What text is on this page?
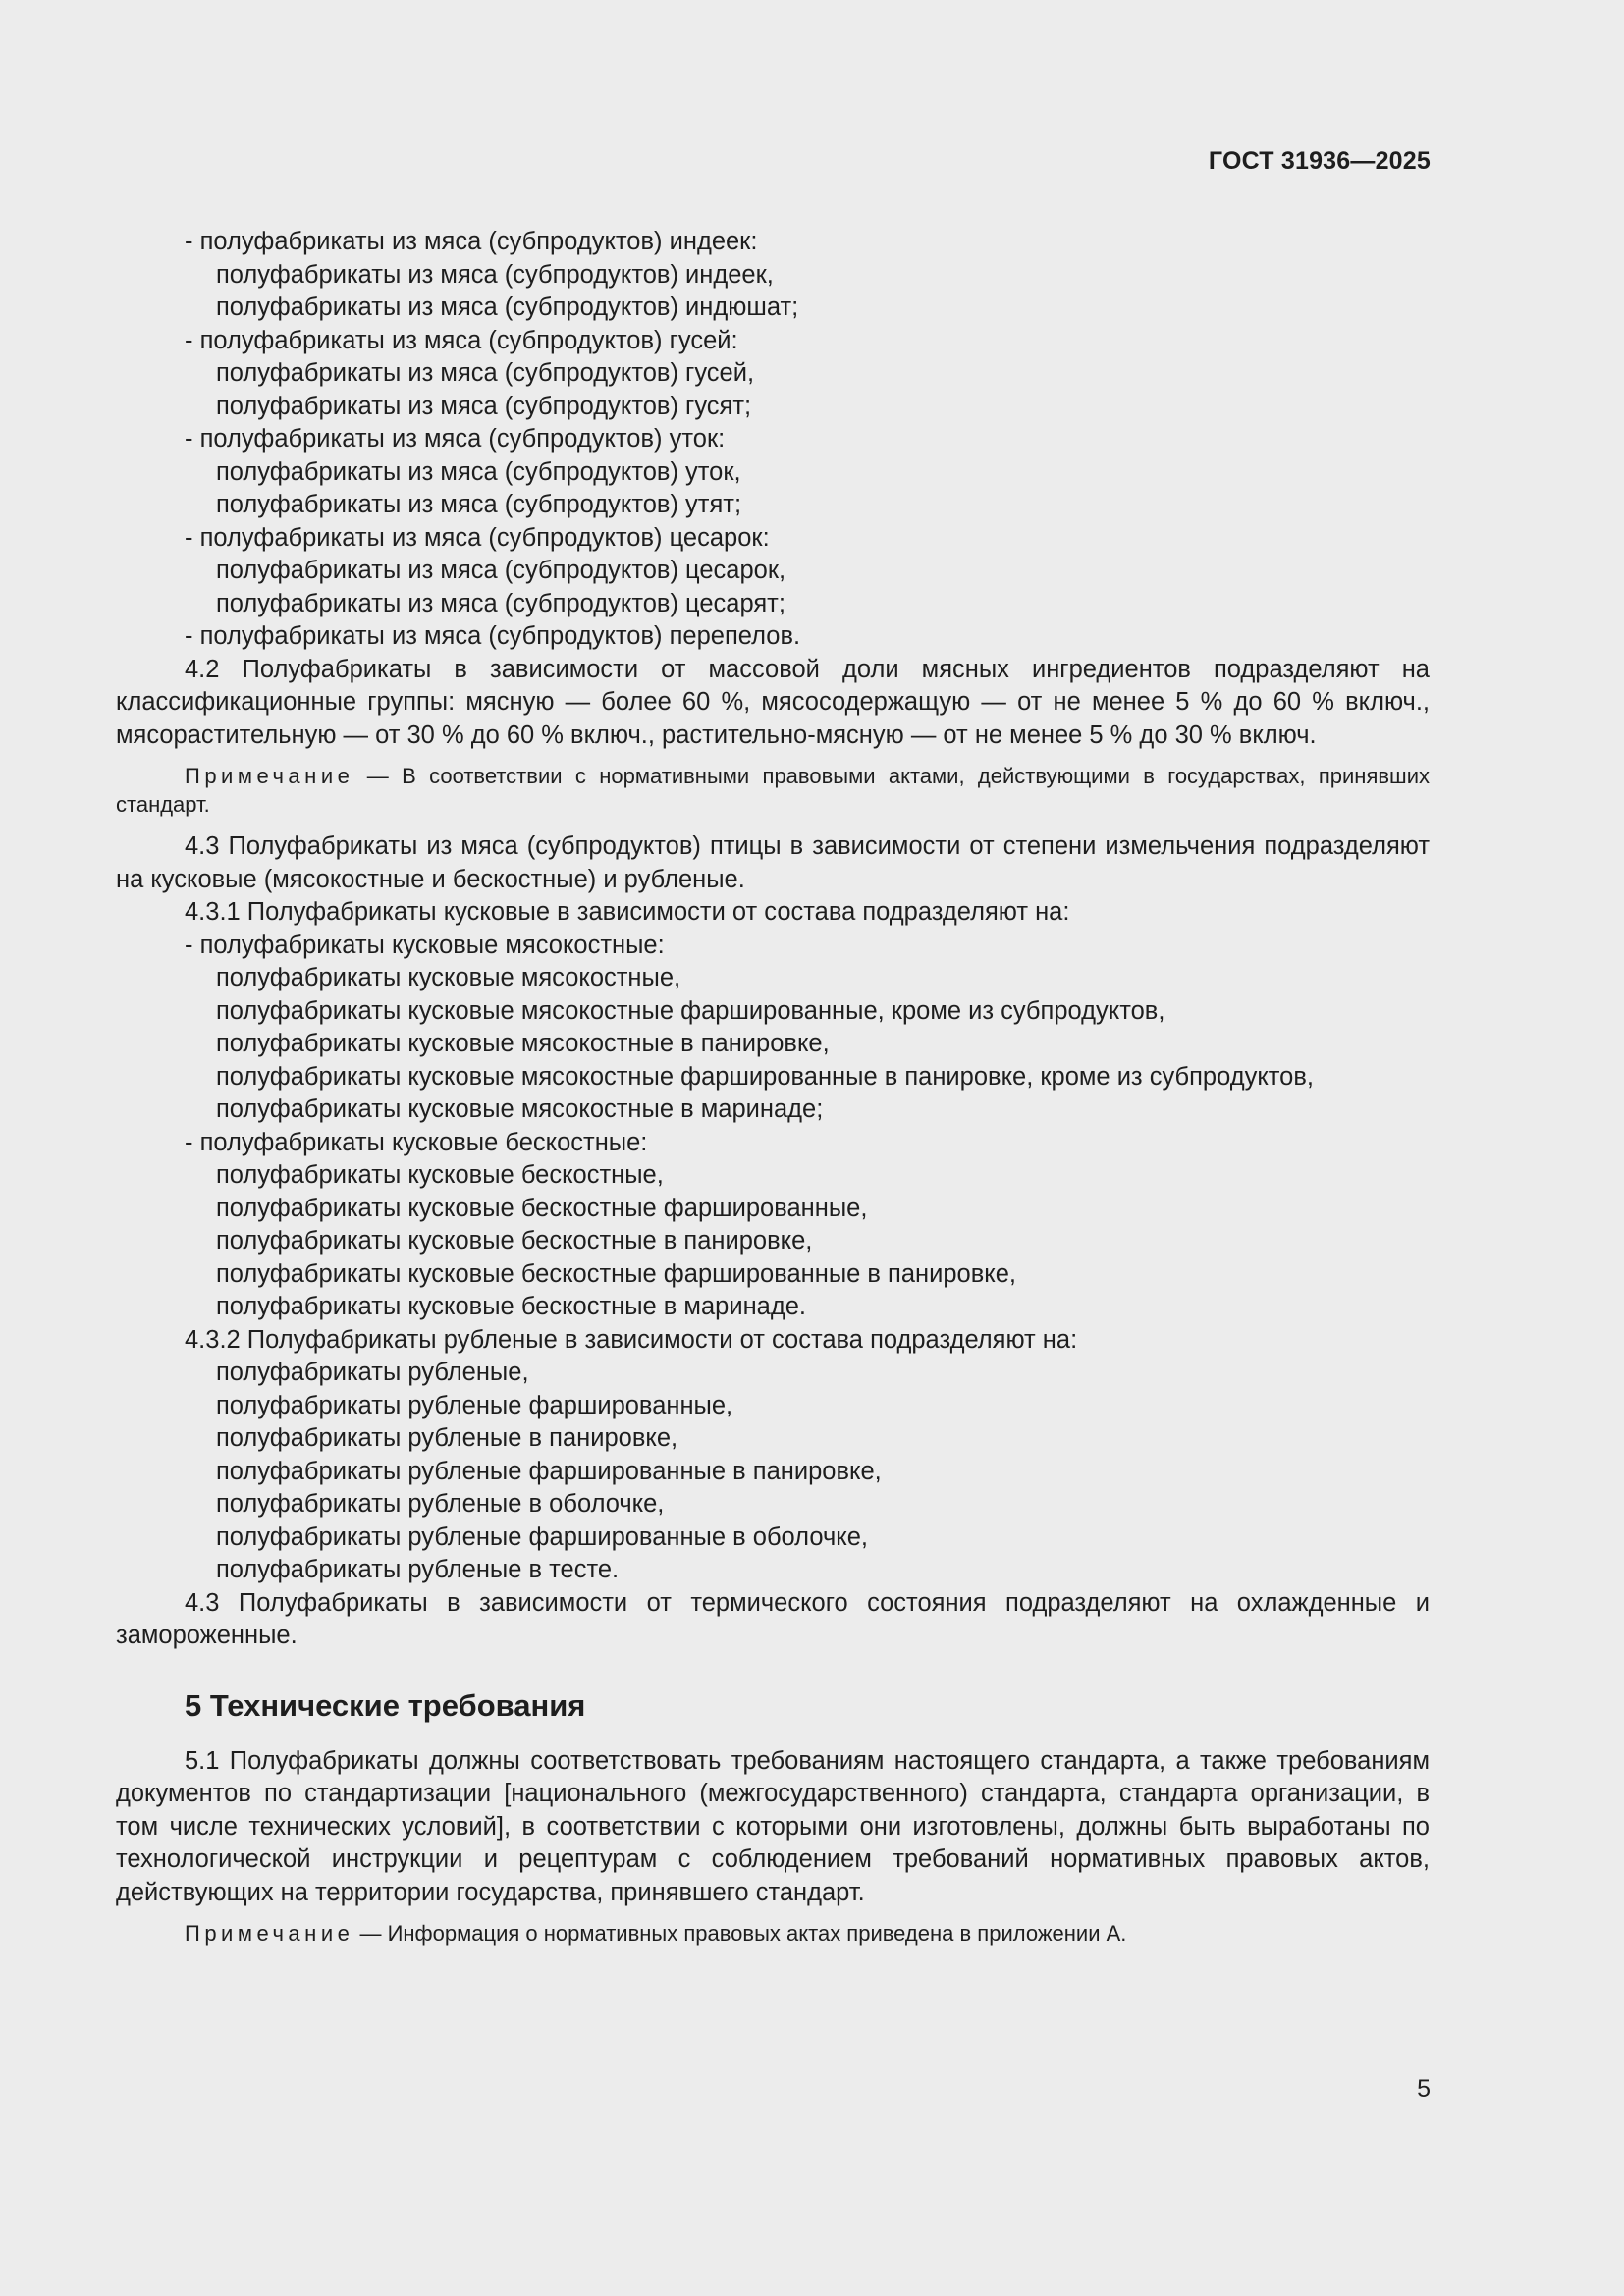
ГОСТ 31936—2025
- полуфабрикаты из мяса (субпродуктов) индеек:
полуфабрикаты из мяса (субпродуктов) индеек,
полуфабрикаты из мяса (субпродуктов) индюшат;
- полуфабрикаты из мяса (субпродуктов) гусей:
полуфабрикаты из мяса (субпродуктов) гусей,
полуфабрикаты из мяса (субпродуктов) гусят;
- полуфабрикаты из мяса (субпродуктов) уток:
полуфабрикаты из мяса (субпродуктов) уток,
полуфабрикаты из мяса (субпродуктов) утят;
- полуфабрикаты из мяса (субпродуктов) цесарок:
полуфабрикаты из мяса (субпродуктов) цесарок,
полуфабрикаты из мяса (субпродуктов) цесарят;
- полуфабрикаты из мяса (субпродуктов) перепелов.
4.2 Полуфабрикаты в зависимости от массовой доли мясных ингредиентов подразделяют на классификационные группы: мясную — более 60 %, мясосодержащую — от не менее 5 % до 60 % включ., мясорастительную — от 30 % до 60 % включ., растительно-мясную — от не менее 5 % до 30 % включ.
Примечание — В соответствии с нормативными правовыми актами, действующими в государствах, принявших стандарт.
4.3 Полуфабрикаты из мяса (субпродуктов) птицы в зависимости от степени измельчения подразделяют на кусковые (мясокостные и бескостные) и рубленые.
4.3.1 Полуфабрикаты кусковые в зависимости от состава подразделяют на:
- полуфабрикаты кусковые мясокостные:
полуфабрикаты кусковые мясокостные,
полуфабрикаты кусковые мясокостные фаршированные, кроме из субпродуктов,
полуфабрикаты кусковые мясокостные в панировке,
полуфабрикаты кусковые мясокостные фаршированные в панировке, кроме из субпродуктов,
полуфабрикаты кусковые мясокостные в маринаде;
- полуфабрикаты кусковые бескостные:
полуфабрикаты кусковые бескостные,
полуфабрикаты кусковые бескостные фаршированные,
полуфабрикаты кусковые бескостные в панировке,
полуфабрикаты кусковые бескостные фаршированные в панировке,
полуфабрикаты кусковые бескостные в маринаде.
4.3.2 Полуфабрикаты рубленые в зависимости от состава подразделяют на:
полуфабрикаты рубленые,
полуфабрикаты рубленые фаршированные,
полуфабрикаты рубленые в панировке,
полуфабрикаты рубленые фаршированные в панировке,
полуфабрикаты рубленые в оболочке,
полуфабрикаты рубленые фаршированные в оболочке,
полуфабрикаты рубленые в тесте.
4.3 Полуфабрикаты в зависимости от термического состояния подразделяют на охлажденные и замороженные.
5 Технические требования
5.1 Полуфабрикаты должны соответствовать требованиям настоящего стандарта, а также требованиям документов по стандартизации [национального (межгосударственного) стандарта, стандарта организации, в том числе технических условий], в соответствии с которыми они изготовлены, должны быть выработаны по технологической инструкции и рецептурам с соблюдением требований нормативных правовых актов, действующих на территории государства, принявшего стандарт.
Примечание — Информация о нормативных правовых актах приведена в приложении А.
5
